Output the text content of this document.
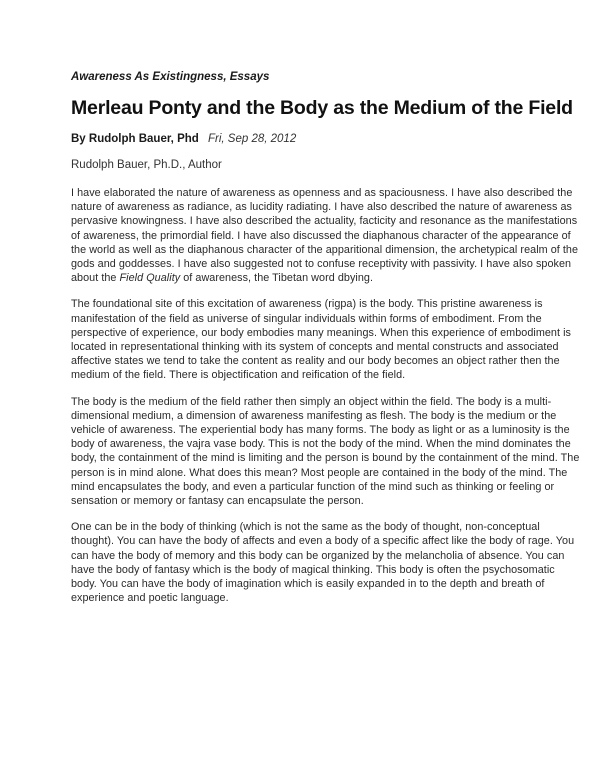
Awareness As Existingness, Essays
Merleau Ponty and the Body as the Medium of the Field
By Rudolph Bauer, Phd Fri, Sep 28, 2012
Rudolph Bauer, Ph.D., Author

I have elaborated the nature of awareness as openness and as spaciousness. I have also described the nature of awareness as radiance, as lucidity radiating. I have also described the nature of awareness as pervasive knowingness. I have also described the actuality, facticity and resonance as the manifestations of awareness, the primordial field. I have also discussed the diaphanous character of the appearance of the world as well as the diaphanous character of the apparitional dimension, the archetypical realm of the gods and goddesses. I have also suggested not to confuse receptivity with passivity. I have also spoken about the Field Quality of awareness, the Tibetan word dbying.

The foundational site of this excitation of awareness (rigpa) is the body. This pristine awareness is manifestation of the field as universe of singular individuals within forms of embodiment. From the perspective of experience, our body embodies many meanings. When this experience of embodiment is located in representational thinking with its system of concepts and mental constructs and associated affective states we tend to take the content as reality and our body becomes an object rather then the medium of the field. There is objectification and reification of the field.

The body is the medium of the field rather then simply an object within the field. The body is a multi-dimensional medium, a dimension of awareness manifesting as flesh. The body is the medium or the vehicle of awareness. The experiential body has many forms. The body as light or as a luminosity is the body of awareness, the vajra vase body. This is not the body of the mind. When the mind dominates the body, the containment of the mind is limiting and the person is bound by the containment of the mind. The person is in mind alone. What does this mean? Most people are contained in the body of the mind. The mind encapsulates the body, and even a particular function of the mind such as thinking or feeling or sensation or memory or fantasy can encapsulate the person.

One can be in the body of thinking (which is not the same as the body of thought, non-conceptual thought). You can have the body of affects and even a body of a specific affect like the body of rage. You can have the body of memory and this body can be organized by the melancholia of absence. You can have the body of fantasy which is the body of magical thinking. This body is often the psychosomatic body. You can have the body of imagination which is easily expanded in to the depth and breath of experience and poetic language.
